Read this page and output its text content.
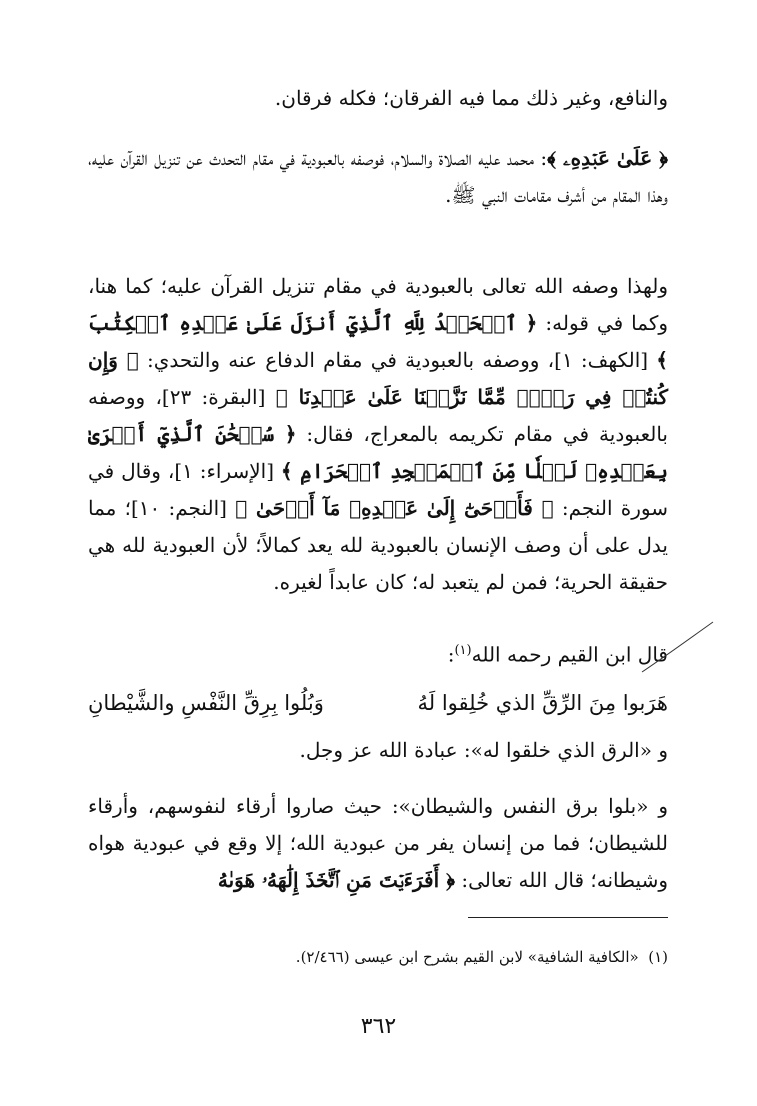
والنافع، وغير ذلك مما فيه الفرقان؛ فكله فرقان.
﴿ عَلَىٰ عَبۡدِهِۦ ﴾: محمد عليه الصلاة والسلام، فوصفه بالعبودية في مقام التحدث عن تنزيل القرآن عليه، وهذا المقام من أشرف مقامات النبي ﷺ.
ولهذا وصفه الله تعالى بالعبودية في مقام تنزيل القرآن عليه؛ كما هنا، وكما في قوله: ﴿ ٱلۡحَمۡدُ لِلَّهِ ٱلَّذِيٓ أَنزَلَ عَلَىٰ عَبۡدِهِ ٱلۡكِتَٰبَ ﴾ [الكهف: ١]، ووصفه بالعبودية في مقام الدفاع عنه والتحدي: ﴿ وَإِن كُنتُمۡ فِي رَيۡبٖ مِّمَّا نَزَّلۡنَا عَلَىٰ عَبۡدِنَا ﴾ [البقرة: ٢٣]، ووصفه بالعبودية في مقام تكريمه بالمعراج، فقال: ﴿ سُبۡحَٰنَ ٱلَّذِيٓ أَسۡرَىٰ بِعَبۡدِهِۦ لَيۡلٗا مِّنَ ٱلۡمَسۡجِدِ ٱلۡحَرَامِ ﴾ [الإسراء: ١]، وقال في سورة النجم: ﴿ فَأَوۡحَىٰٓ إِلَىٰ عَبۡدِهِۦ مَآ أَوۡحَىٰ ﴾ [النجم: ١٠]؛ مما يدل على أن وصف الإنسان بالعبودية لله يعد كمالاً؛ لأن العبودية لله هي حقيقة الحرية؛ فمن لم يتعبد له؛ كان عابداً لغيره.
قال ابن القيم رحمه الله$^{(١)}$:
هَرَبوا مِنَ الرِّقِّ الذي خُلِقوا لَهُ
وَبُلُوا بِرِقِّ النَّفْسِ والشَّيْطانِ
و «الرق الذي خلقوا له»: عبادة الله عز وجل.
و «بلوا برق النفس والشيطان»: حيث صاروا أرقاء لنفوسهم، وأرقاء للشيطان؛ فما من إنسان يفر من عبودية الله؛ إلا وقع في عبودية هواه وشيطانه؛ قال الله تعالى: ﴿ أَفَرَءَيۡتَ مَنِ ٱتَّخَذَ إِلَٰهَهُۥ هَوَىٰهُ
(١)  «الكافية الشافية» لابن القيم بشرح ابن عيسى (٢/٤٦٦).
٣٦٢
